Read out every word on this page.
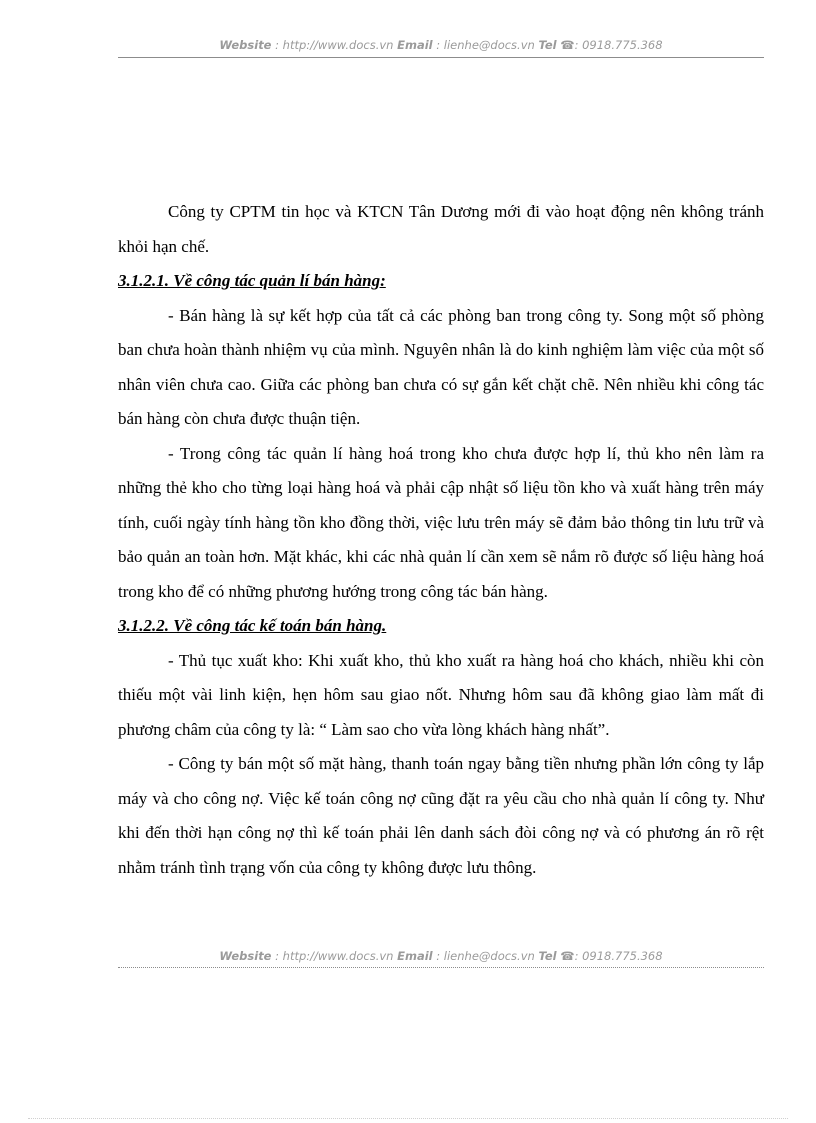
Website : http://www.docs.vn Email : lienhe@docs.vn Tel ☎: 0918.775.368

Công ty CPTM tin học và KTCN Tân Dương mới đi vào hoạt động nên không tránh khỏi hạn chế.

3.1.2.1. Về công tác quản lí bán hàng:

- Bán hàng là sự kết hợp của tất cả các phòng ban trong công ty. Song một số phòng ban chưa hoàn thành nhiệm vụ của mình. Nguyên nhân là do kinh nghiệm làm việc của một số nhân viên chưa cao. Giữa các phòng ban chưa có sự gắn kết chặt chẽ. Nên nhiều khi công tác bán hàng còn chưa được thuận tiện.

- Trong công tác quản lí hàng hoá trong kho chưa được hợp lí, thủ kho nên làm ra những thẻ kho cho từng loại hàng hoá và phải cập nhật số liệu tồn kho và xuất hàng trên máy tính, cuối ngày tính hàng tồn kho đồng thời, việc lưu trên máy sẽ đảm bảo thông tin lưu trữ và bảo quản an toàn hơn. Mặt khác, khi các nhà quản lí cần xem sẽ nắm rõ được số liệu hàng hoá trong kho để có những phương hướng trong công tác bán hàng.

3.1.2.2. Về công tác kế toán bán hàng.

- Thủ tục xuất kho: Khi xuất kho, thủ kho xuất ra hàng hoá cho khách, nhiều khi còn thiếu một vài linh kiện, hẹn hôm sau giao nốt. Nhưng hôm sau đã không giao làm mất đi phương châm của công ty là: “ Làm sao cho vừa lòng khách hàng nhất”.

- Công ty bán một số mặt hàng, thanh toán ngay bằng tiền nhưng phần lớn công ty lắp máy và cho công nợ. Việc kế toán công nợ cũng đặt ra yêu cầu cho nhà quản lí công ty. Như khi đến thời hạn công nợ thì kế toán phải lên danh sách đòi công nợ và có phương án rõ rệt nhằm tránh tình trạng vốn của công ty không được lưu thông.

Website : http://www.docs.vn Email : lienhe@docs.vn Tel ☎: 0918.775.368
